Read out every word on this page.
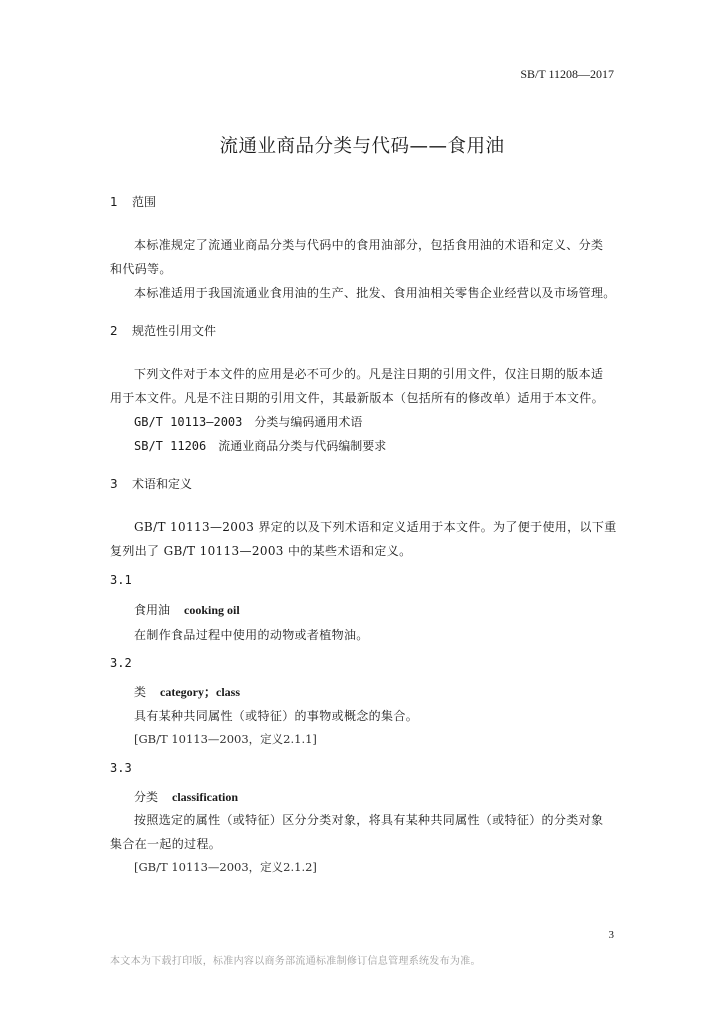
SB/T 11208—2017
流通业商品分类与代码——食用油
1 范围
本标准规定了流通业商品分类与代码中的食用油部分，包括食用油的术语和定义、分类
和代码等。
本标准适用于我国流通业食用油的生产、批发、食用油相关零售企业经营以及市场管理。
2 规范性引用文件
下列文件对于本文件的应用是必不可少的。凡是注日期的引用文件，仅注日期的版本适
用于本文件。凡是不注日期的引用文件，其最新版本（包括所有的修改单）适用于本文件。
GB/T 10113—2003　分类与编码通用术语
SB/T 11206　流通业商品分类与代码编制要求
3 术语和定义
GB/T 10113—2003 界定的以及下列术语和定义适用于本文件。为了便于使用，以下重
复列出了 GB/T 10113—2003 中的某些术语和定义。
3.1
食用油 cooking oil
在制作食品过程中使用的动物或者植物油。
3.2
类 category；class
具有某种共同属性（或特征）的事物或概念的集合。
[GB/T 10113—2003，定义2.1.1]
3.3
分类 classification
按照选定的属性（或特征）区分分类对象，将具有某种共同属性（或特征）的分类对象
集合在一起的过程。
[GB/T 10113—2003，定义2.1.2]
3
本文本为下载打印版，标准内容以商务部流通标准制修订信息管理系统发布为准。
